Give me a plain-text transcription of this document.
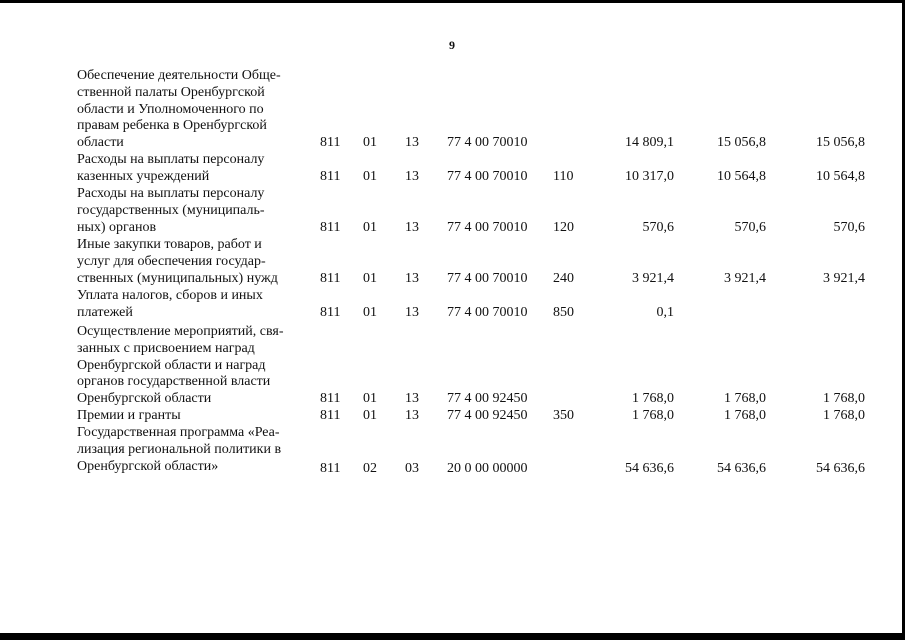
9
Обеспечение деятельности Обще-
ственной палаты Оренбургской
области и Уполномоченного по
правам ребенка в Оренбургской
области	811 01 13 77 4 00 70010	14 809,1	15 056,8	15 056,8
Расходы на выплаты персоналу
казенных учреждений	811 01 13 77 4 00 70010 110	10 317,0	10 564,8	10 564,8
Расходы на выплаты персоналу
государственных (муниципаль-
ных) органов	811 01 13 77 4 00 70010 120	570,6	570,6	570,6
Иные закупки товаров, работ и
услуг для обеспечения государ-
ственных (муниципальных) нужд	811 01 13 77 4 00 70010 240	3 921,4	3 921,4	3 921,4
Уплата налогов, сборов и иных
платежей	811 01 13 77 4 00 70010 850	0,1
Осуществление мероприятий, свя-
занных с присвоением наград
Оренбургской области и наград
органов государственной власти
Оренбургской области	811 01 13 77 4 00 92450	1 768,0	1 768,0	1 768,0
Премии и гранты	811 01 13 77 4 00 92450 350	1 768,0	1 768,0	1 768,0
Государственная программа «Реа-
лизация региональной политики в
Оренбургской области»	811 02 03 20 0 00 00000	54 636,6	54 636,6	54 636,6
